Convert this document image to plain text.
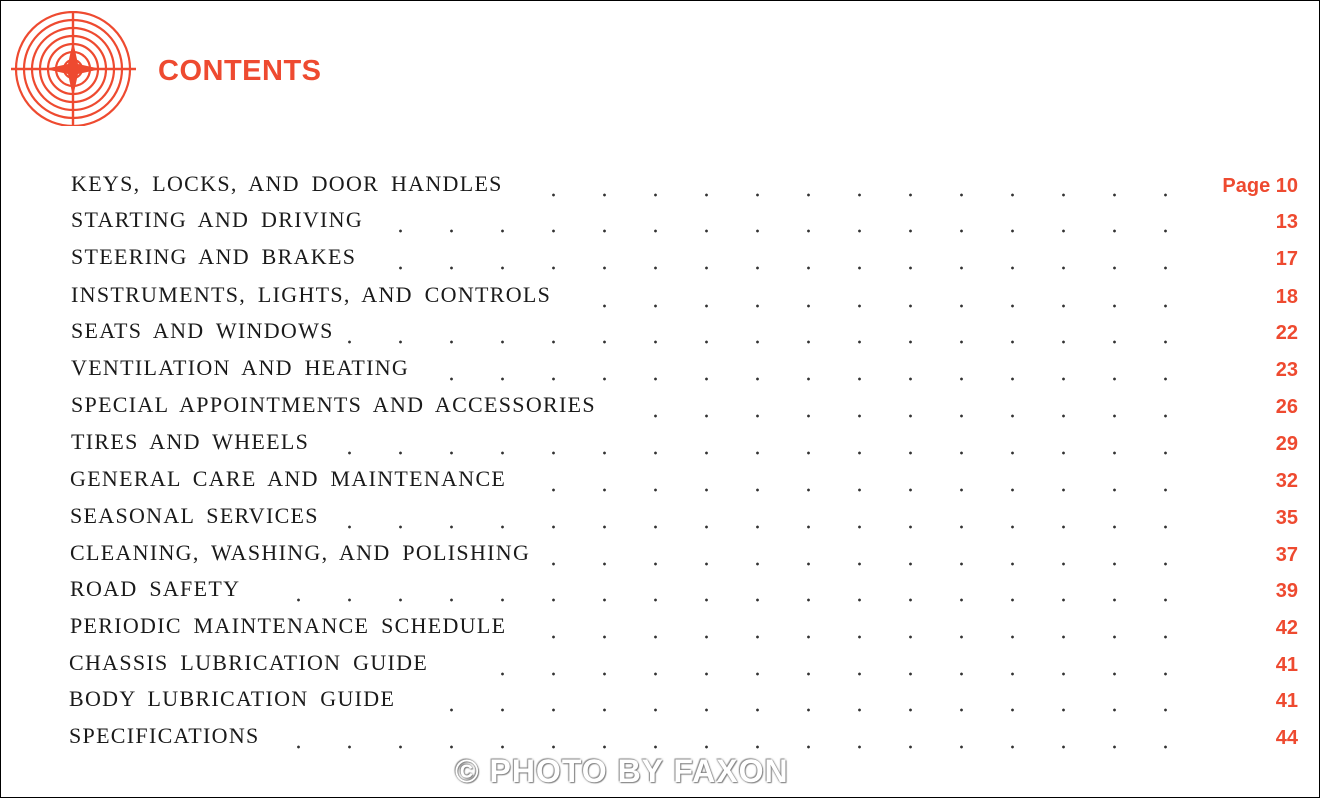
CONTENTS
KEYS, LOCKS, AND DOOR HANDLES	Page 10
STARTING AND DRIVING	13
STEERING AND BRAKES	17
INSTRUMENTS, LIGHTS, AND CONTROLS	18
SEATS AND WINDOWS	22
VENTILATION AND HEATING	23
SPECIAL APPOINTMENTS AND ACCESSORIES	26
TIRES AND WHEELS	29
GENERAL CARE AND MAINTENANCE	32
SEASONAL SERVICES	35
CLEANING, WASHING, AND POLISHING	37
ROAD SAFETY	39
PERIODIC MAINTENANCE SCHEDULE	42
CHASSIS LUBRICATION GUIDE	41
BODY LUBRICATION GUIDE	41
SPECIFICATIONS	44
© PHOTO BY FAXON
